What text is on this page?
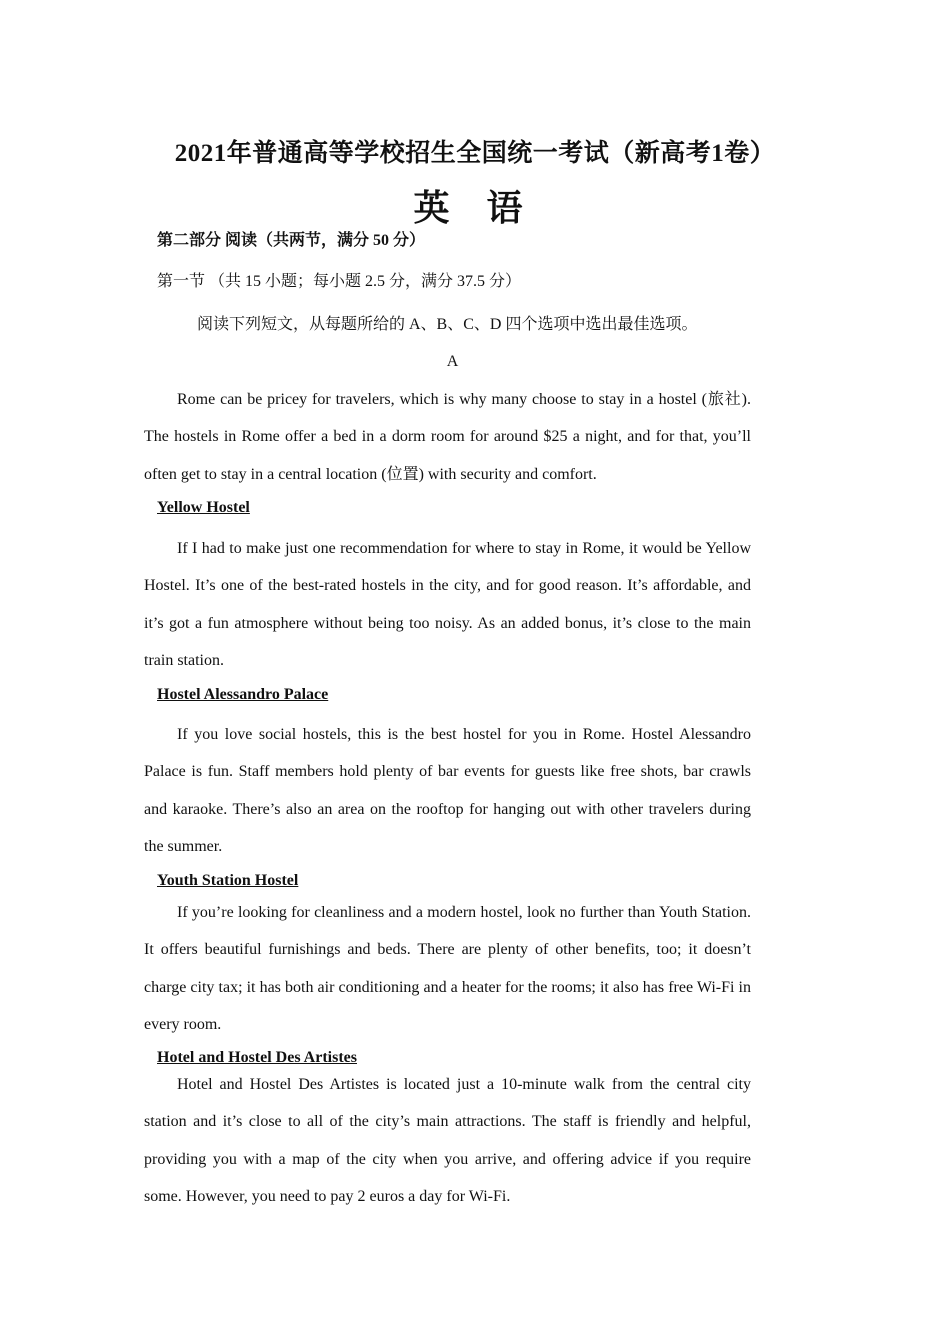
2021年普通高等学校招生全国统一考试（新高考1卷）
英 语
第二部分 阅读（共两节，满分 50 分）
第一节 （共 15 小题；每小题 2.5 分，满分 37.5 分）
阅读下列短文，从每题所给的 A、B、C、D 四个选项中选出最佳选项。
A

Rome can be pricey for travelers, which is why many choose to stay in a hostel (旅社). The hostels in Rome offer a bed in a dorm room for around $25 a night, and for that, you’ll often get to stay in a central location (位置) with security and comfort.

Yellow Hostel

If I had to make just one recommendation for where to stay in Rome, it would be Yellow Hostel. It’s one of the best-rated hostels in the city, and for good reason. It’s affordable, and it’s got a fun atmosphere without being too noisy. As an added bonus, it’s close to the main train station.

Hostel Alessandro Palace

If you love social hostels, this is the best hostel for you in Rome. Hostel Alessandro Palace is fun. Staff members hold plenty of bar events for guests like free shots, bar crawls and karaoke. There’s also an area on the rooftop for hanging out with other travelers during the summer.

Youth Station Hostel

If you’re looking for cleanliness and a modern hostel, look no further than Youth Station. It offers beautiful furnishings and beds. There are plenty of other benefits, too; it doesn’t charge city tax; it has both air conditioning and a heater for the rooms; it also has free Wi-Fi in every room.

Hotel and Hostel Des Artistes

Hotel and Hostel Des Artistes is located just a 10-minute walk from the central city station and it’s close to all of the city’s main attractions. The staff is friendly and helpful, providing you with a map of the city when you arrive, and offering advice if you require some. However, you need to pay 2 euros a day for Wi-Fi.
